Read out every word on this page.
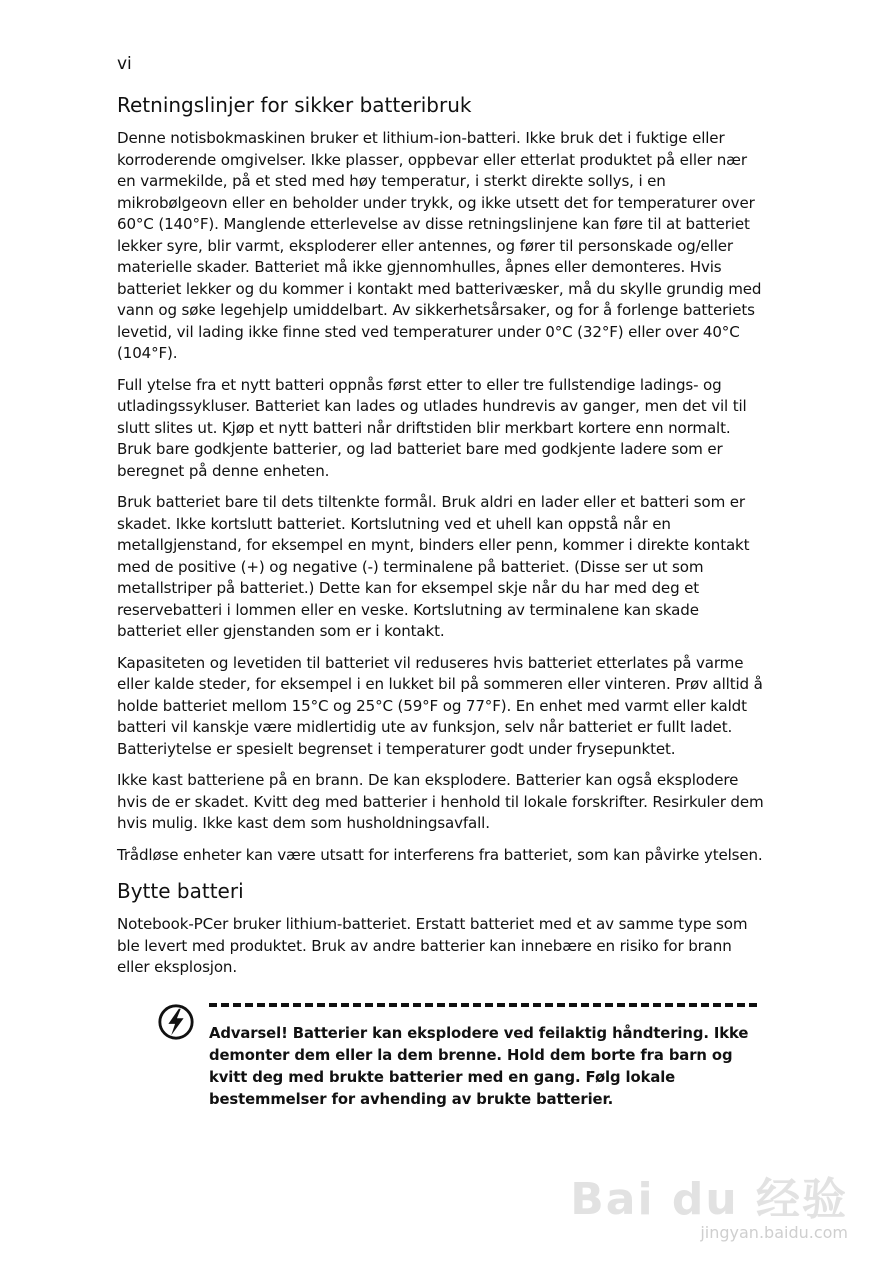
vi
Retningslinjer for sikker batteribruk

Denne notisbokmaskinen bruker et lithium-ion-batteri. Ikke bruk det i fuktige eller korroderende omgivelser. Ikke plasser, oppbevar eller etterlat produktet på eller nær en varmekilde, på et sted med høy temperatur, i sterkt direkte sollys, i en mikrobølgeovn eller en beholder under trykk, og ikke utsett det for temperaturer over 60°C (140°F). Manglende etterlevelse av disse retningslinjene kan føre til at batteriet lekker syre, blir varmt, eksploderer eller antennes, og fører til personskade og/eller materielle skader. Batteriet må ikke gjennomhulles, åpnes eller demonteres. Hvis batteriet lekker og du kommer i kontakt med batterivæsker, må du skylle grundig med vann og søke legehjelp umiddelbart. Av sikkerhetsårsaker, og for å forlenge batteriets levetid, vil lading ikke finne sted ved temperaturer under 0°C (32°F) eller over 40°C (104°F).

Full ytelse fra et nytt batteri oppnås først etter to eller tre fullstendige ladings- og utladingssykluser. Batteriet kan lades og utlades hundrevis av ganger, men det vil til slutt slites ut. Kjøp et nytt batteri når driftstiden blir merkbart kortere enn normalt. Bruk bare godkjente batterier, og lad batteriet bare med godkjente ladere som er beregnet på denne enheten.

Bruk batteriet bare til dets tiltenkte formål. Bruk aldri en lader eller et batteri som er skadet. Ikke kortslutt batteriet. Kortslutning ved et uhell kan oppstå når en metallgjenstand, for eksempel en mynt, binders eller penn, kommer i direkte kontakt med de positive (+) og negative (-) terminalene på batteriet. (Disse ser ut som metallstriper på batteriet.) Dette kan for eksempel skje når du har med deg et reservebatteri i lommen eller en veske. Kortslutning av terminalene kan skade batteriet eller gjenstanden som er i kontakt.

Kapasiteten og levetiden til batteriet vil reduseres hvis batteriet etterlates på varme eller kalde steder, for eksempel i en lukket bil på sommeren eller vinteren. Prøv alltid å holde batteriet mellom 15°C og 25°C (59°F og 77°F). En enhet med varmt eller kaldt batteri vil kanskje være midlertidig ute av funksjon, selv når batteriet er fullt ladet. Batteriytelse er spesielt begrenset i temperaturer godt under frysepunktet.

Ikke kast batteriene på en brann. De kan eksplodere. Batterier kan også eksplodere hvis de er skadet. Kvitt deg med batterier i henhold til lokale forskrifter. Resirkuler dem hvis mulig. Ikke kast dem som husholdningsavfall.

Trådløse enheter kan være utsatt for interferens fra batteriet, som kan påvirke ytelsen.

Bytte batteri

Notebook-PCer bruker lithium-batteriet. Erstatt batteriet med et av samme type som ble levert med produktet. Bruk av andre batterier kan innebære en risiko for brann eller eksplosjon.

Advarsel! Batterier kan eksplodere ved feilaktig håndtering. Ikke demonter dem eller la dem brenne. Hold dem borte fra barn og kvitt deg med brukte batterier med en gang. Følg lokale bestemmelser for avhending av brukte batterier.

Bai du 经验
jingyan.baidu.com
